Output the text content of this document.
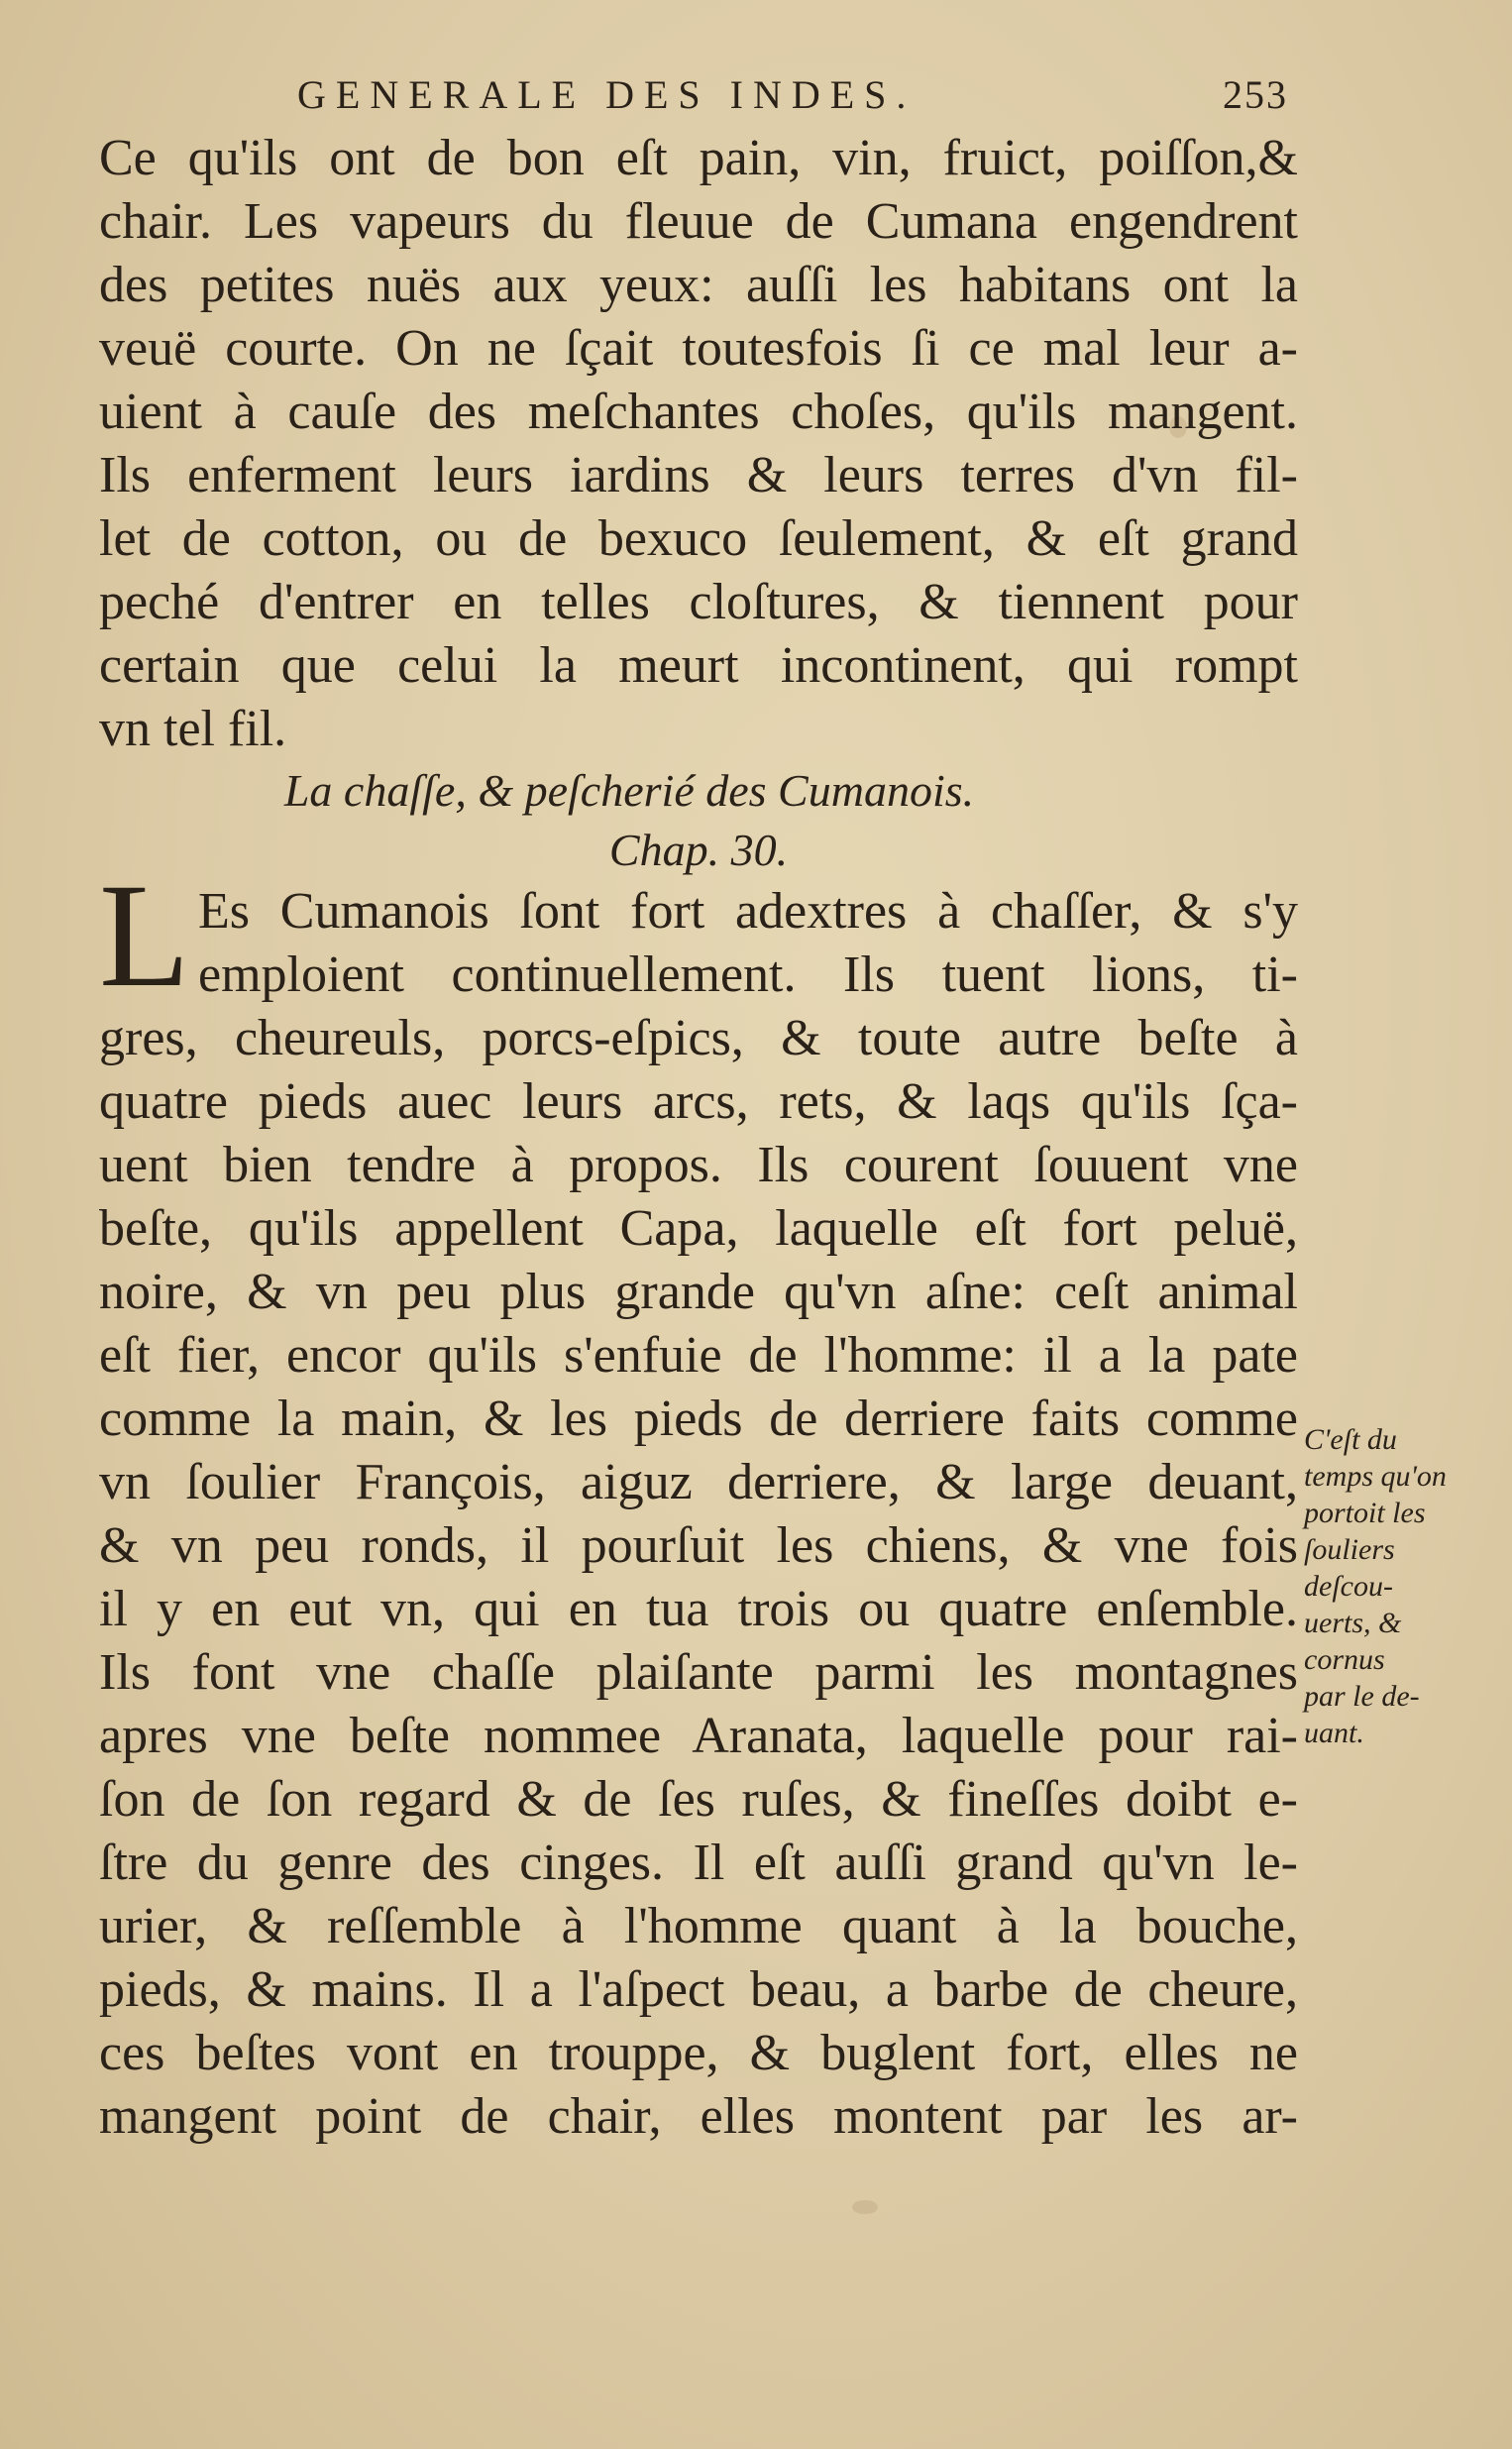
GENERALE DES INDES.	253
Ce qu'ils ont de bon eſt pain, vin, fruict, poiſſon,&
chair. Les vapeurs du fleuue de Cumana engendrent
des petites nuës aux yeux: auſſi les habitans ont la
veuë courte. On ne ſçait toutesfois ſi ce mal leur a-
uient à cauſe des meſchantes choſes, qu'ils mangent.
Ils enferment leurs iardins & leurs terres d'vn fil-
let de cotton, ou de bexuco ſeulement, & eſt grand
peché d'entrer en telles cloſtures, & tiennent pour
certain que celui la meurt incontinent, qui rompt
vn tel fil.
La chaſſe, & peſcherié des Cumanois.
Chap. 30.
L Es Cumanois ſont fort adextres à chaſſer, & s'y
emploient continuellement. Ils tuent lions, ti-
gres, cheureuls, porcs-eſpics, & toute autre beſte à
quatre pieds auec leurs arcs, rets, & laqs qu'ils ſça-
uent bien tendre à propos. Ils courent ſouuent vne
beſte, qu'ils appellent Capa, laquelle eſt fort peluë,
noire, & vn peu plus grande qu'vn aſne: ceſt animal
eſt fier, encor qu'ils s'enfuie de l'homme: il a la pate
comme la main, & les pieds de derriere faits comme
vn ſoulier François, aiguz derriere, & large deuant,
& vn peu ronds, il pourſuit les chiens, & vne fois
il y en eut vn, qui en tua trois ou quatre enſemble.
Ils font vne chaſſe plaiſante parmi les montagnes
apres vne beſte nommee Aranata, laquelle pour rai-
ſon de ſon regard & de ſes ruſes, & fineſſes doibt e-
ſtre du genre des cinges. Il eſt auſſi grand qu'vn le-
urier, & reſſemble à l'homme quant à la bouche,
pieds, & mains. Il a l'aſpect beau, a barbe de cheure,
ces beſtes vont en trouppe, & buglent fort, elles ne
mangent point de chair, elles montent par les ar-
C'eſt du
temps qu'on
portoit les
ſouliers
deſcou-
uerts, &
cornus
par le de-
uant.
